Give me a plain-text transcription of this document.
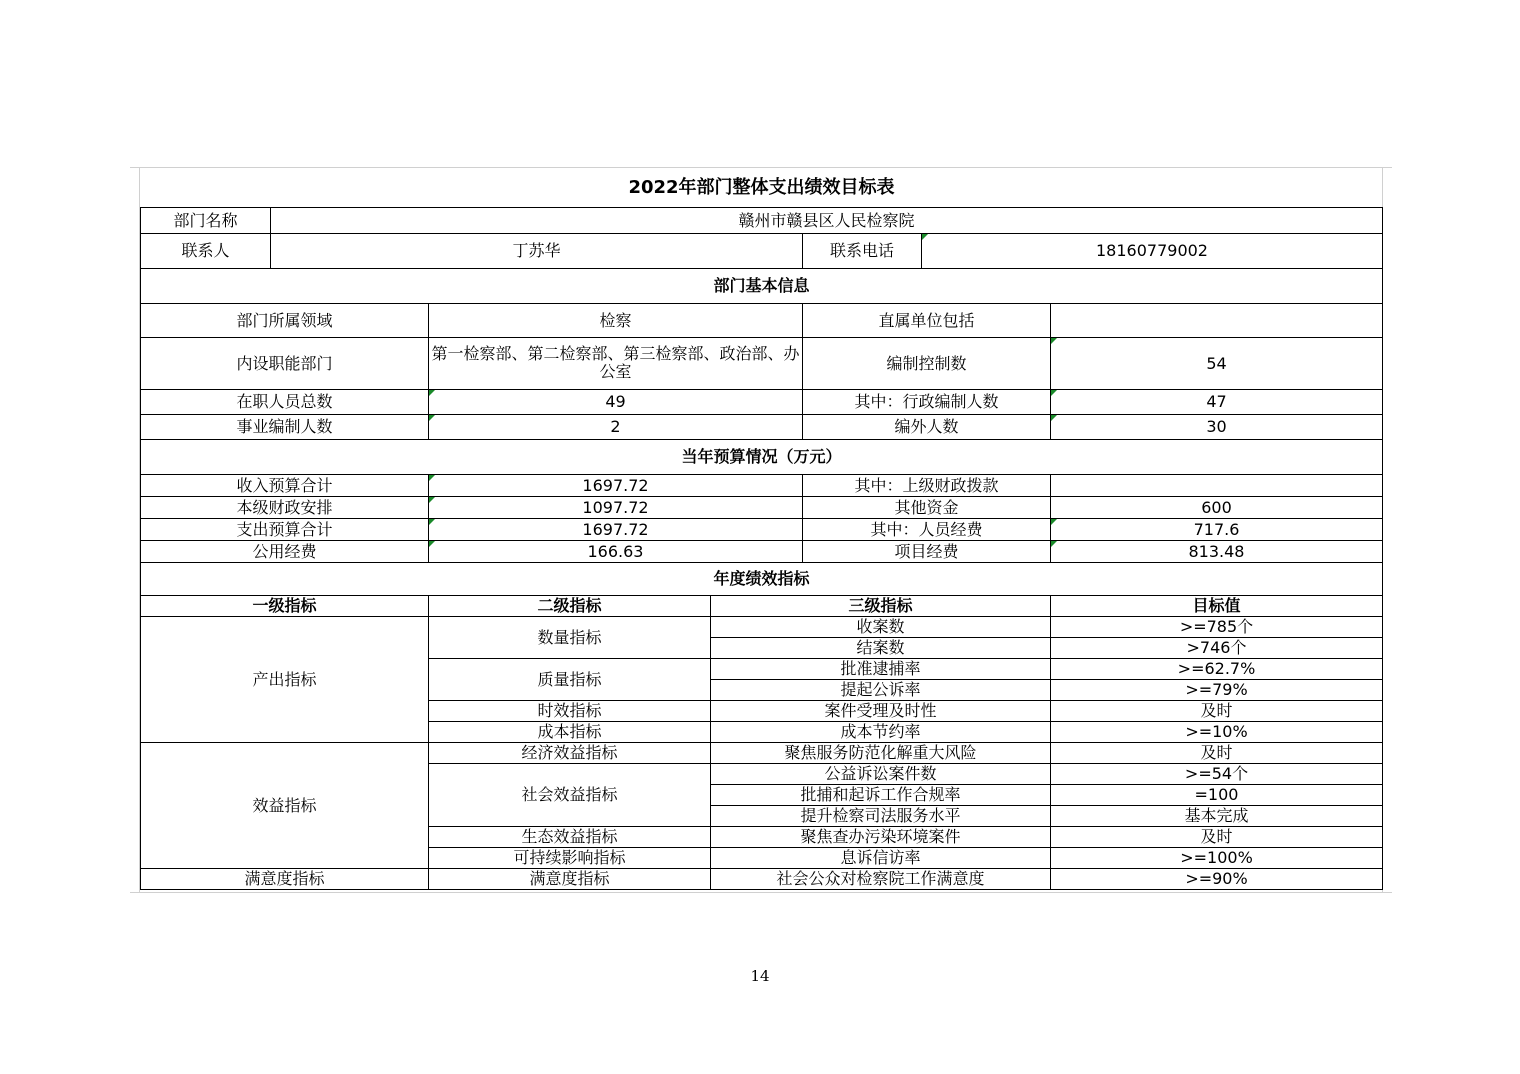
2022年部门整体支出绩效目标表						
部门名称	赣州市赣县区人民检察院					
联系人	丁苏华			联系电话	18160779002	
部门基本信息						
部门所属领域		检察		直属单位包括		
内设职能部门		第一检察部、第二检察部、第三检察部、政治部、办公室		编制控制数		54
在职人员总数		49		其中：行政编制人数		47
事业编制人数		2		编外人数		30
当年预算情况（万元）						
收入预算合计		1697.72		其中：上级财政拨款		
本级财政安排		1097.72		其他资金		600
支出预算合计		1697.72		其中：人员经费		717.6
公用经费		166.63		项目经费		813.48
年度绩效指标						
一级指标		二级指标	三级指标			目标值
产出指标		数量指标	收案数			>=785个
			结案数			>746个
		质量指标	批准逮捕率			>=62.7%
			提起公诉率			>=79%
		时效指标	案件受理及时性			及时
		成本指标	成本节约率			>=10%
效益指标		经济效益指标	聚焦服务防范化解重大风险			及时
		社会效益指标	公益诉讼案件数			>=54个
			批捕和起诉工作合规率			=100
			提升检察司法服务水平			基本完成
		生态效益指标	聚焦查办污染环境案件			及时
		可持续影响指标	息诉信访率			>=100%
满意度指标		满意度指标	社会公众对检察院工作满意度			>=90%
14
